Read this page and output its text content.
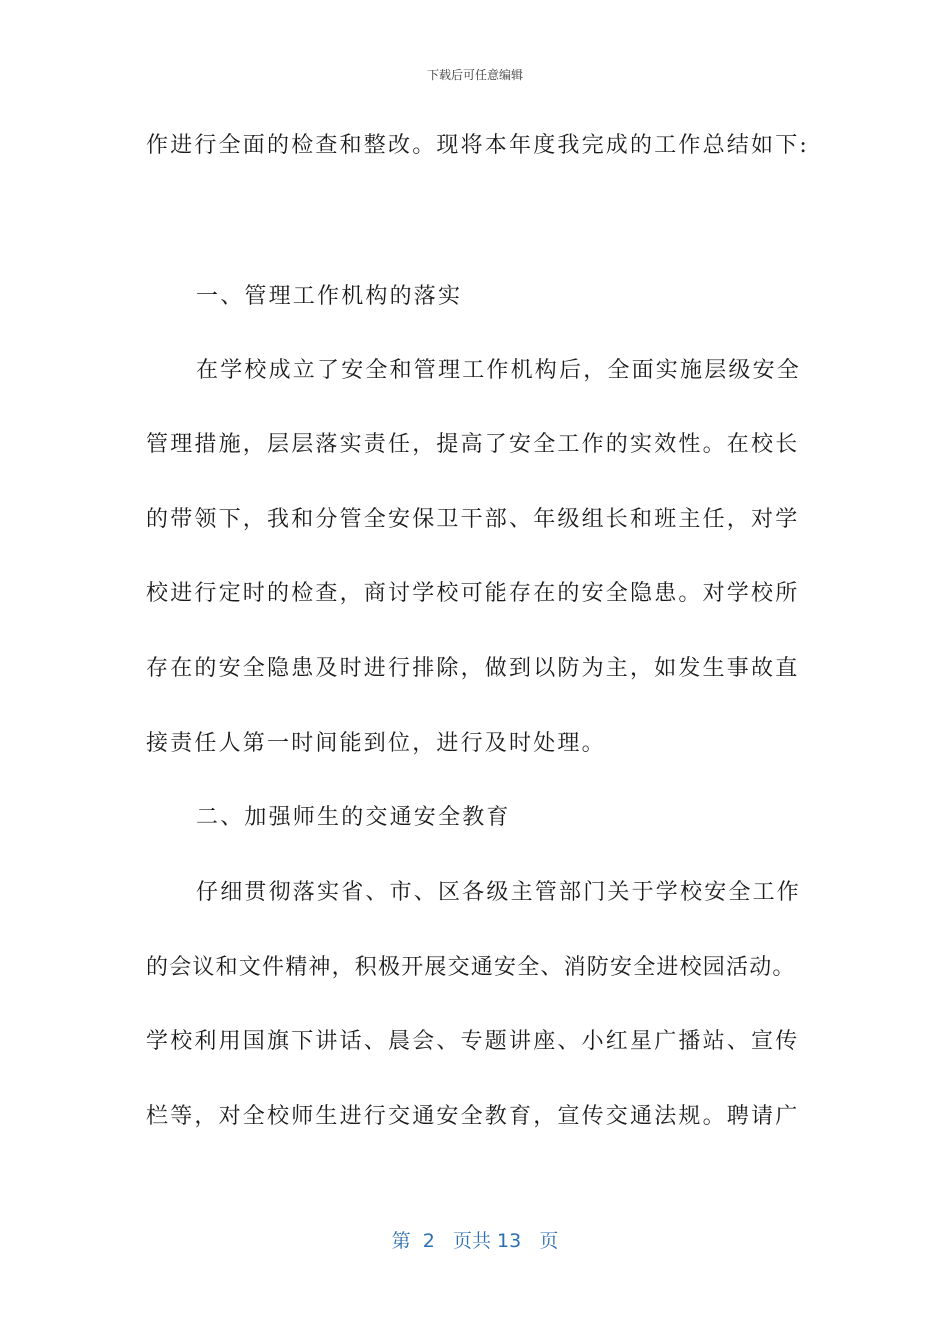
下载后可任意编辑
作进行全面的检查和整改。现将本年度我完成的工作总结如下:
一、管理工作机构的落实
在学校成立了安全和管理工作机构后，全面实施层级安全
管理措施，层层落实责任，提高了安全工作的实效性。在校长
的带领下，我和分管全安保卫干部、年级组长和班主任，对学
校进行定时的检查，商讨学校可能存在的安全隐患。对学校所
存在的安全隐患及时进行排除，做到以防为主，如发生事故直
接责任人第一时间能到位，进行及时处理。
二、加强师生的交通安全教育
仔细贯彻落实省、市、区各级主管部门关于学校安全工作
的会议和文件精神，积极开展交通安全、消防安全进校园活动。
学校利用国旗下讲话、晨会、专题讲座、小红星广播站、宣传
栏等，对全校师生进行交通安全教育，宣传交通法规。聘请广
第 2 页共 13 页
